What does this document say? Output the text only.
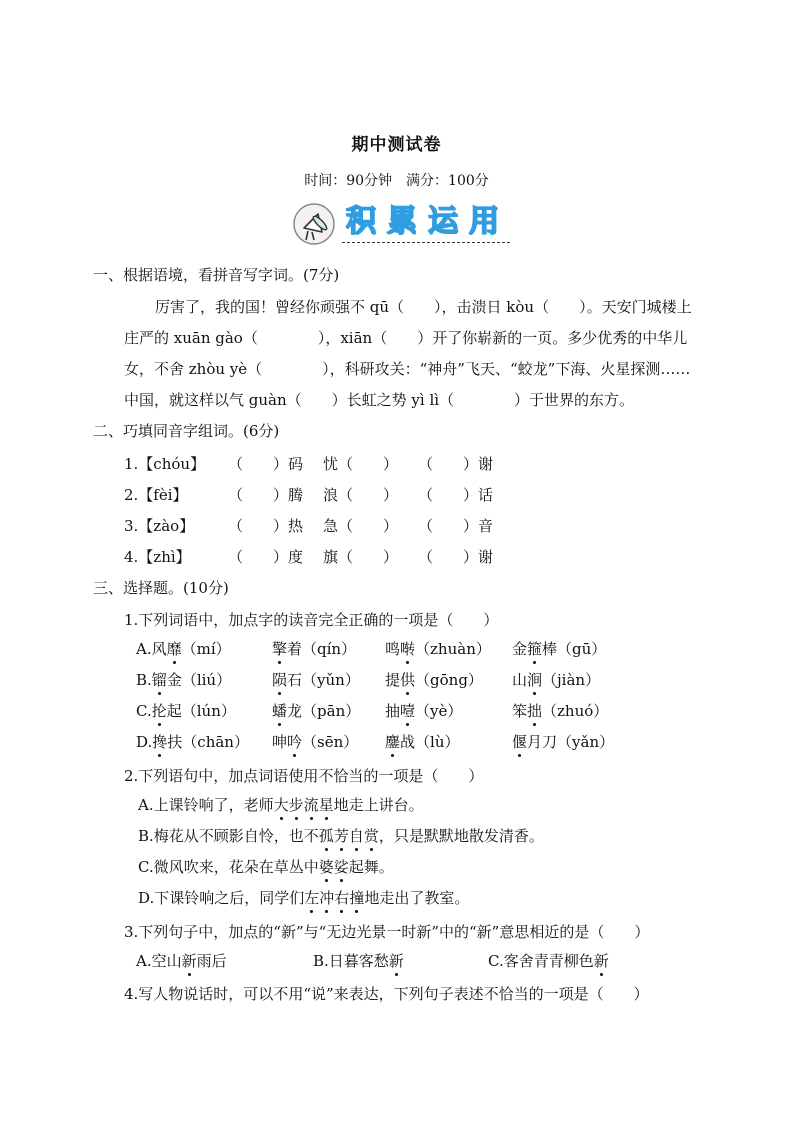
期中测试卷
时间：90分钟　满分：100分
积累运用
一、根据语境，看拼音写字词。(7分)
厉害了，我的国！曾经你顽强不 qū（　　），击溃日 kòu（　　）。天安门城楼上
庄严的 xuān gào（　　　　），xiān（　　）开了你崭新的一页。多少优秀的中华儿
女，不舍 zhòu yè（　　　　），科研攻关：“神舟”飞天、“蛟龙”下海、火星探测……
中国，就这样以气 guàn（　　）长虹之势 yì lì（　　　　）于世界的东方。
二、巧填同音字组词。(6分)
1.【chóu】 （　　）码 忧（　　） （　　）谢
2.【fèi】	（　　）腾 浪（　　） （　　）话
3.【zào】 （　　）热 急（　　） （　　）音
4.【zhì】 （　　）度 旗（　　） （　　）谢
三、选择题。(10分)
1.下列词语中，加点字的读音完全正确的一项是（　　）
A.风靡（mí）	擎着（qín） 鸣啭（zhuàn） 金箍棒（gū）
B.镏金（liú）	陨石（yǔn） 提供（gōng） 山涧（jiàn）
C.抡起（lún） 蟠龙（pān） 抽噎（yè）	笨拙（zhuó）
D.搀扶（chān） 呻吟（sēn） 鏖战（lù）	偃月刀（yǎn）
2.下列语句中，加点词语使用不恰当的一项是（　　）
A.上课铃响了，老师大步流星地走上讲台。
B.梅花从不顾影自怜，也不孤芳自赏，只是默默地散发清香。
C.微风吹来，花朵在草丛中婆娑起舞。
D.下课铃响之后，同学们左冲右撞地走出了教室。
3.下列句子中，加点的“新”与“无边光景一时新”中的“新”意思相近的是（　　）
A.空山新雨后	B.日暮客愁新	C.客舍青青柳色新
4.写人物说话时，可以不用“说”来表达，下列句子表述不恰当的一项是（　　）
